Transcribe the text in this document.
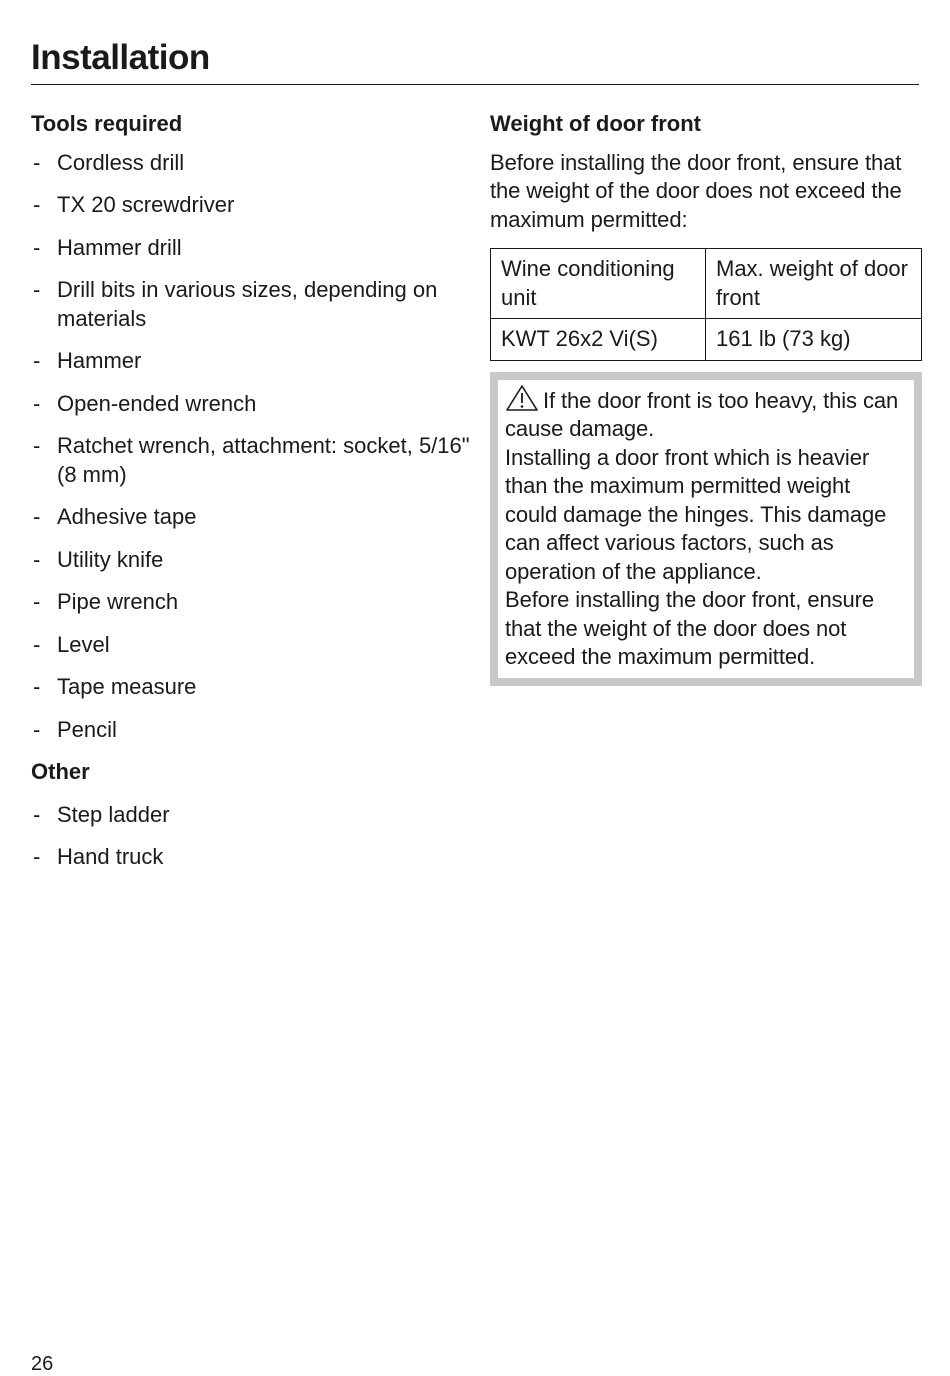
Installation
Tools required
- Cordless drill
- TX 20 screwdriver
- Hammer drill
- Drill bits in various sizes, depending on materials
- Hammer
- Open-ended wrench
- Ratchet wrench, attachment: socket, 5/16" (8 mm)
- Adhesive tape
- Utility knife
- Pipe wrench
- Level
- Tape measure
- Pencil
Other
- Step ladder
- Hand truck
Weight of door front

Before installing the door front, ensure that the weight of the door does not exceed the maximum permitted:

Wine conditioning unit	Max. weight of door front
KWT 26x2 Vi(S)	161 lb (73 kg)

If the door front is too heavy, this can cause damage.

Installing a door front which is heavier than the maximum permitted weight could damage the hinges. This damage can affect various factors, such as operation of the appliance.

Before installing the door front, ensure that the weight of the door does not exceed the maximum permitted.

26
